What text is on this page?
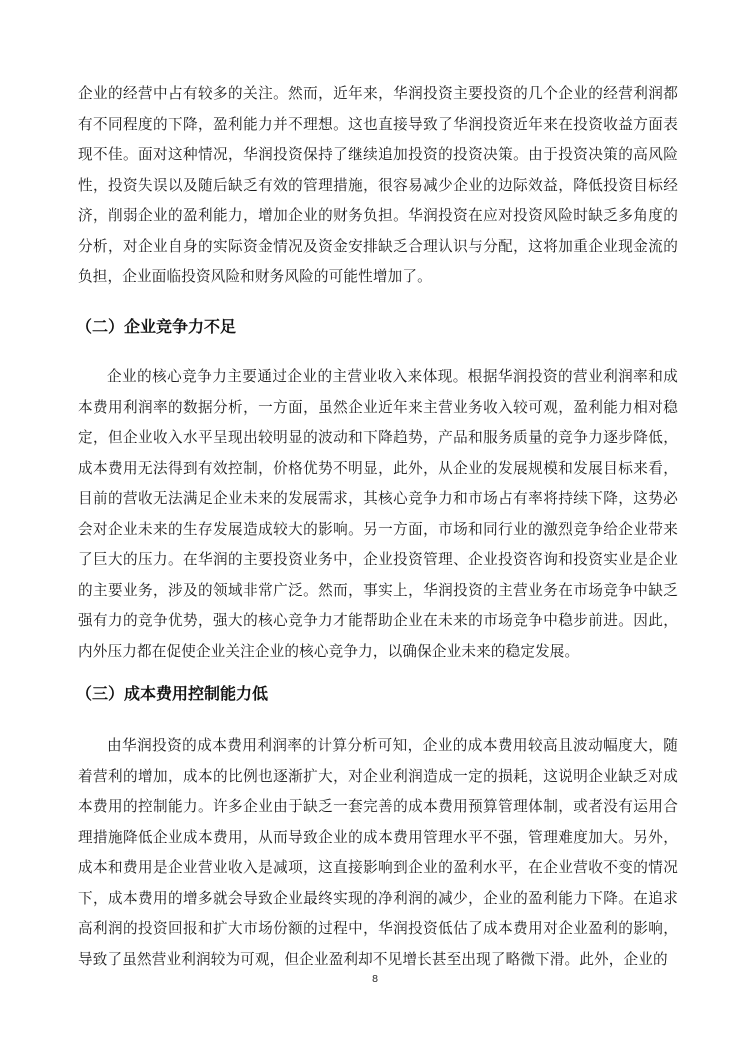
企业的经营中占有较多的关注。然而，近年来，华润投资主要投资的几个企业的经营利润都有不同程度的下降，盈利能力并不理想。这也直接导致了华润投资近年来在投资收益方面表现不佳。面对这种情况，华润投资保持了继续追加投资的投资决策。由于投资决策的高风险性，投资失误以及随后缺乏有效的管理措施，很容易减少企业的边际效益，降低投资目标经济，削弱企业的盈利能力，增加企业的财务负担。华润投资在应对投资风险时缺乏多角度的分析，对企业自身的实际资金情况及资金安排缺乏合理认识与分配，这将加重企业现金流的负担，企业面临投资风险和财务风险的可能性增加了。

（二）企业竞争力不足

企业的核心竞争力主要通过企业的主营业收入来体现。根据华润投资的营业利润率和成本费用利润率的数据分析，一方面，虽然企业近年来主营业务收入较可观，盈利能力相对稳定，但企业收入水平呈现出较明显的波动和下降趋势，产品和服务质量的竞争力逐步降低，成本费用无法得到有效控制，价格优势不明显，此外，从企业的发展规模和发展目标来看，目前的营收无法满足企业未来的发展需求，其核心竞争力和市场占有率将持续下降，这势必会对企业未来的生存发展造成较大的影响。另一方面，市场和同行业的激烈竞争给企业带来了巨大的压力。在华润的主要投资业务中，企业投资管理、企业投资咨询和投资实业是企业的主要业务，涉及的领域非常广泛。然而，事实上，华润投资的主营业务在市场竞争中缺乏强有力的竞争优势，强大的核心竞争力才能帮助企业在未来的市场竞争中稳步前进。因此，内外压力都在促使企业关注企业的核心竞争力，以确保企业未来的稳定发展。

（三）成本费用控制能力低

由华润投资的成本费用利润率的计算分析可知，企业的成本费用较高且波动幅度大，随着营利的增加，成本的比例也逐渐扩大，对企业利润造成一定的损耗，这说明企业缺乏对成本费用的控制能力。许多企业由于缺乏一套完善的成本费用预算管理体制，或者没有运用合理措施降低企业成本费用，从而导致企业的成本费用管理水平不强，管理难度加大。另外，成本和费用是企业营业收入是减项，这直接影响到企业的盈利水平，在企业营收不变的情况下，成本费用的增多就会导致企业最终实现的净利润的减少，企业的盈利能力下降。在追求高利润的投资回报和扩大市场份额的过程中，华润投资低估了成本费用对企业盈利的影响，导致了虽然营业利润较为可观，但企业盈利却不见增长甚至出现了略微下滑。此外，企业的

8
